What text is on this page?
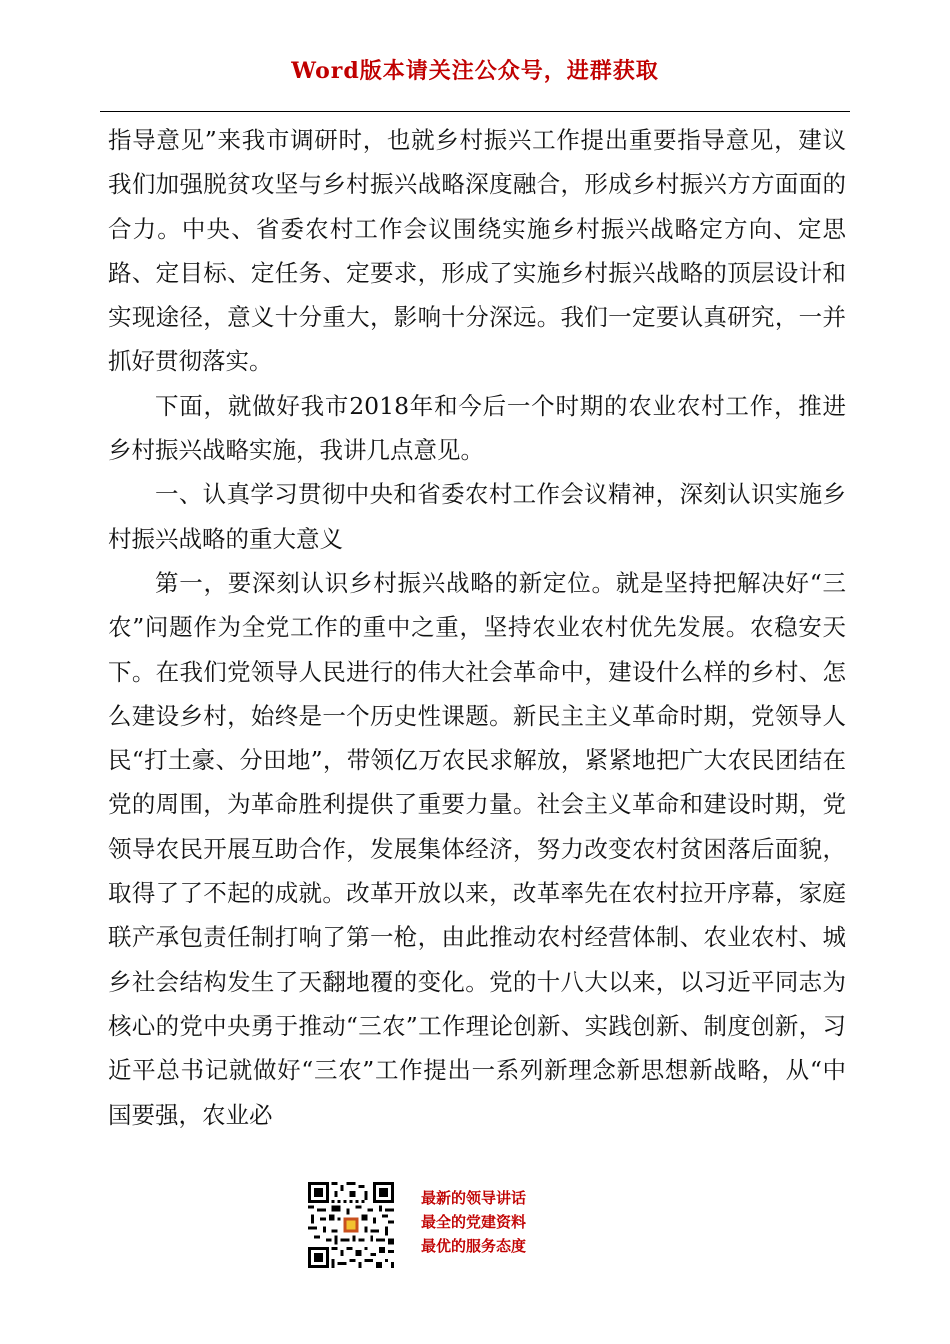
Word版本请关注公众号，进群获取

指导意见”来我市调研时，也就乡村振兴工作提出重要指导意见，建议我们加强脱贫攻坚与乡村振兴战略深度融合，形成乡村振兴方方面面的合力。中央、省委农村工作会议围绕实施乡村振兴战略定方向、定思路、定目标、定任务、定要求，形成了实施乡村振兴战略的顶层设计和实现途径，意义十分重大，影响十分深远。我们一定要认真研究，一并抓好贯彻落实。

下面，就做好我市2018年和今后一个时期的农业农村工作，推进乡村振兴战略实施，我讲几点意见。

一、认真学习贯彻中央和省委农村工作会议精神，深刻认识实施乡村振兴战略的重大意义

第一，要深刻认识乡村振兴战略的新定位。就是坚持把解决好“三农”问题作为全党工作的重中之重，坚持农业农村优先发展。农稳安天下。在我们党领导人民进行的伟大社会革命中，建设什么样的乡村、怎么建设乡村，始终是一个历史性课题。新民主主义革命时期，党领导人民“打土豪、分田地”，带领亿万农民求解放，紧紧地把广大农民团结在党的周围，为革命胜利提供了重要力量。社会主义革命和建设时期，党领导农民开展互助合作，发展集体经济，努力改变农村贫困落后面貌，取得了了不起的成就。改革开放以来，改革率先在农村拉开序幕，家庭联产承包责任制打响了第一枪，由此推动农村经营体制、农业农村、城乡社会结构发生了天翻地覆的变化。党的十八大以来，以习近平同志为核心的党中央勇于推动“三农”工作理论创新、实践创新、制度创新，习近平总书记就做好“三农”工作提出一系列新理念新思想新战略，从“中国要强，农业必

最新的领导讲话
最全的党建资料
最优的服务态度
